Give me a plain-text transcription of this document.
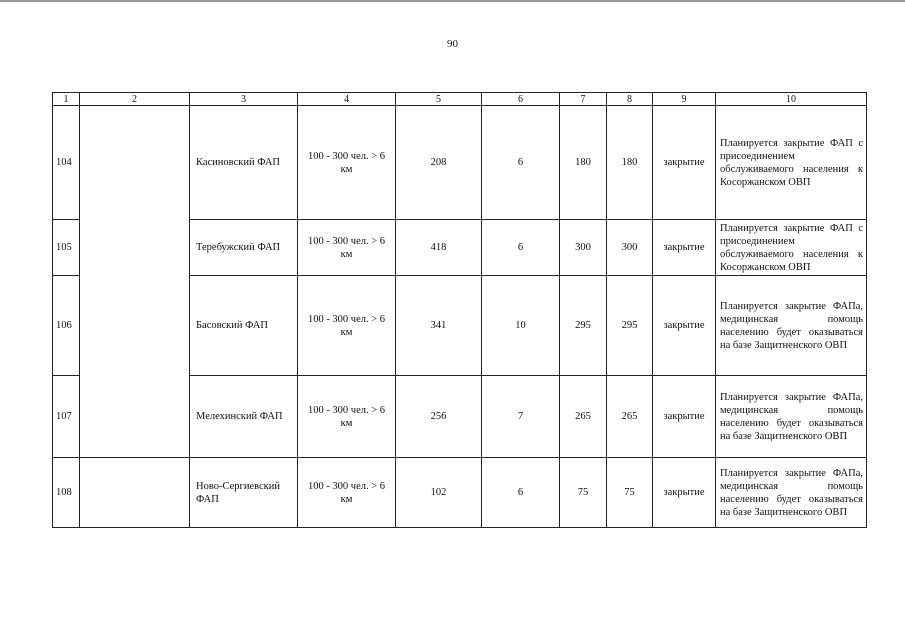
90
1	2	3	4	5	6	7	8	9	10
104		Касиновский ФАП	100 - 300 чел. > 6 км	208	6	180	180	закрытие	Планируется закрытие ФАП с присоединением обслуживаемого населения к Косоржанском ОВП

105		Теребужский ФАП	100 - 300 чел. > 6 км	418	6	300	300	закрытие	Планируется закрытие ФАП с присоединением обслуживаемого населения к Косоржанском ОВП

106		Басовский ФАП	100 - 300 чел. > 6 км	341	10	295	295	закрытие	Планируется закрытие ФАПа, медицинская помощь населению будет оказываться на базе Защитненского ОВП

107		Мелехинский ФАП	100 - 300 чел. > 6 км	256	7	265	265	закрытие	Планируется закрытие ФАПа, медицинская помощь населению будет оказываться на базе Защитненского ОВП

108		Ново-Сергиевский ФАП	100 - 300 чел. > 6 км	102	6	75	75	закрытие	Планируется закрытие ФАПа, медицинская помощь населению будет оказываться на базе Защитненского ОВП
